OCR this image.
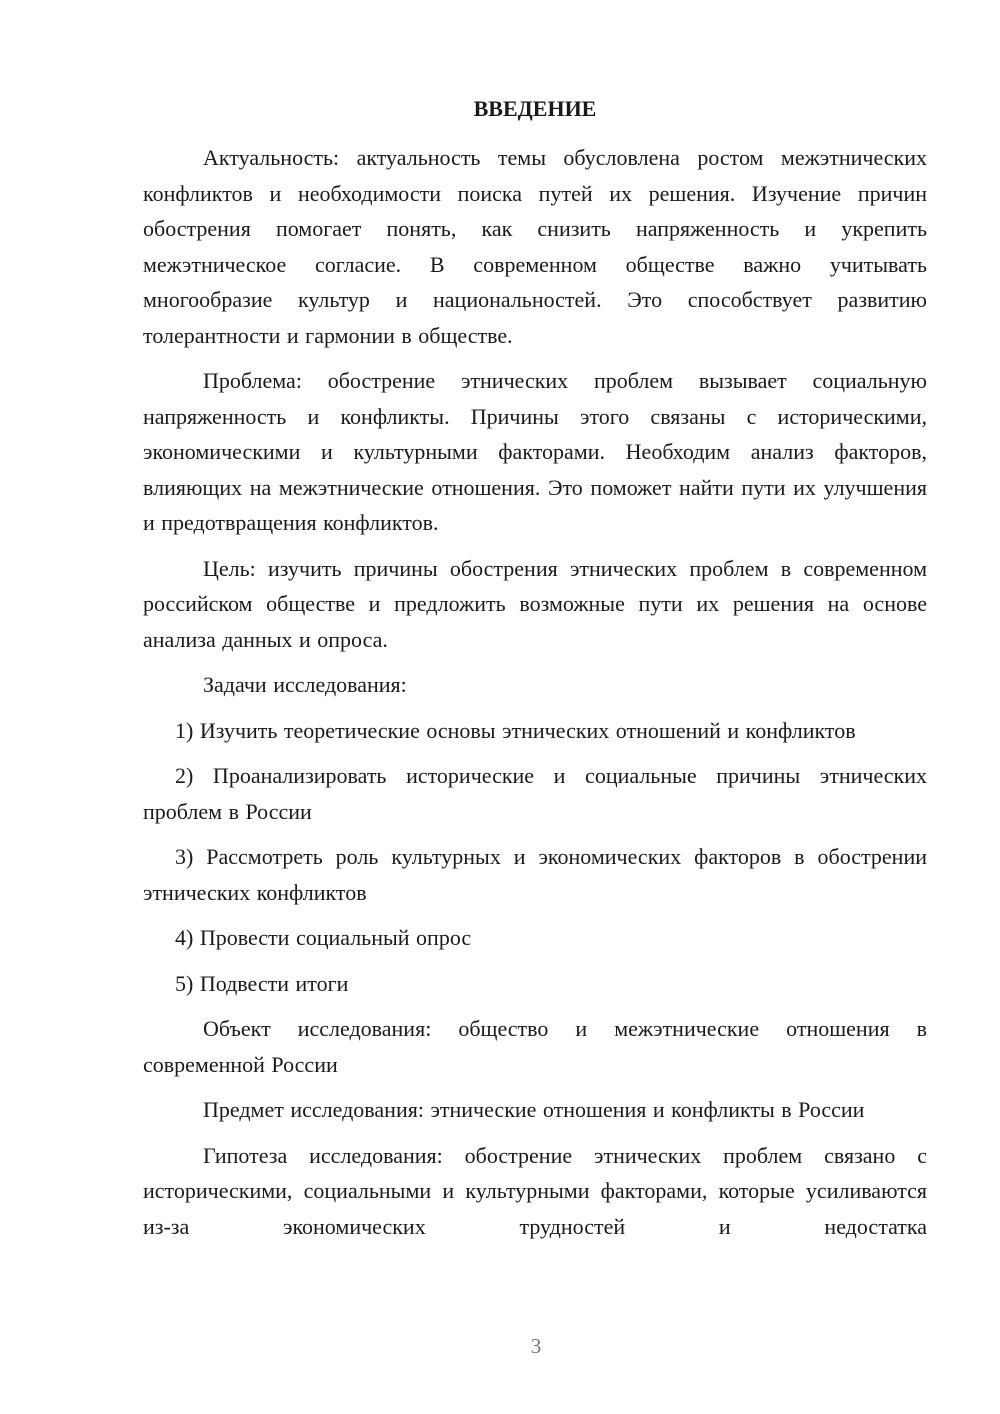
ВВЕДЕНИЕ

Актуальность: актуальность темы обусловлена ростом межэтнических конфликтов и необходимости поиска путей их решения. Изучение причин обострения помогает понять, как снизить напряженность и укрепить межэтническое согласие. В современном обществе важно учитывать многообразие культур и национальностей. Это способствует развитию толерантности и гармонии в обществе.

Проблема: обострение этнических проблем вызывает социальную напряженность и конфликты. Причины этого связаны с историческими, экономическими и культурными факторами. Необходим анализ факторов, влияющих на межэтнические отношения. Это поможет найти пути их улучшения и предотвращения конфликтов.

Цель: изучить причины обострения этнических проблем в современном российском обществе и предложить возможные пути их решения на основе анализа данных и опроса.

Задачи исследования:

1) Изучить теоретические основы этнических отношений и конфликтов

2) Проанализировать исторические и социальные причины этнических проблем в России

3) Рассмотреть роль культурных и экономических факторов в обострении этнических конфликтов

4) Провести социальный опрос

5) Подвести итоги

Объект исследования: общество и межэтнические отношения в современной России

Предмет исследования: этнические отношения и конфликты в России

Гипотеза исследования: обострение этнических проблем связано с историческими, социальными и культурными факторами, которые усиливаются из-за экономических трудностей и недостатка

3
